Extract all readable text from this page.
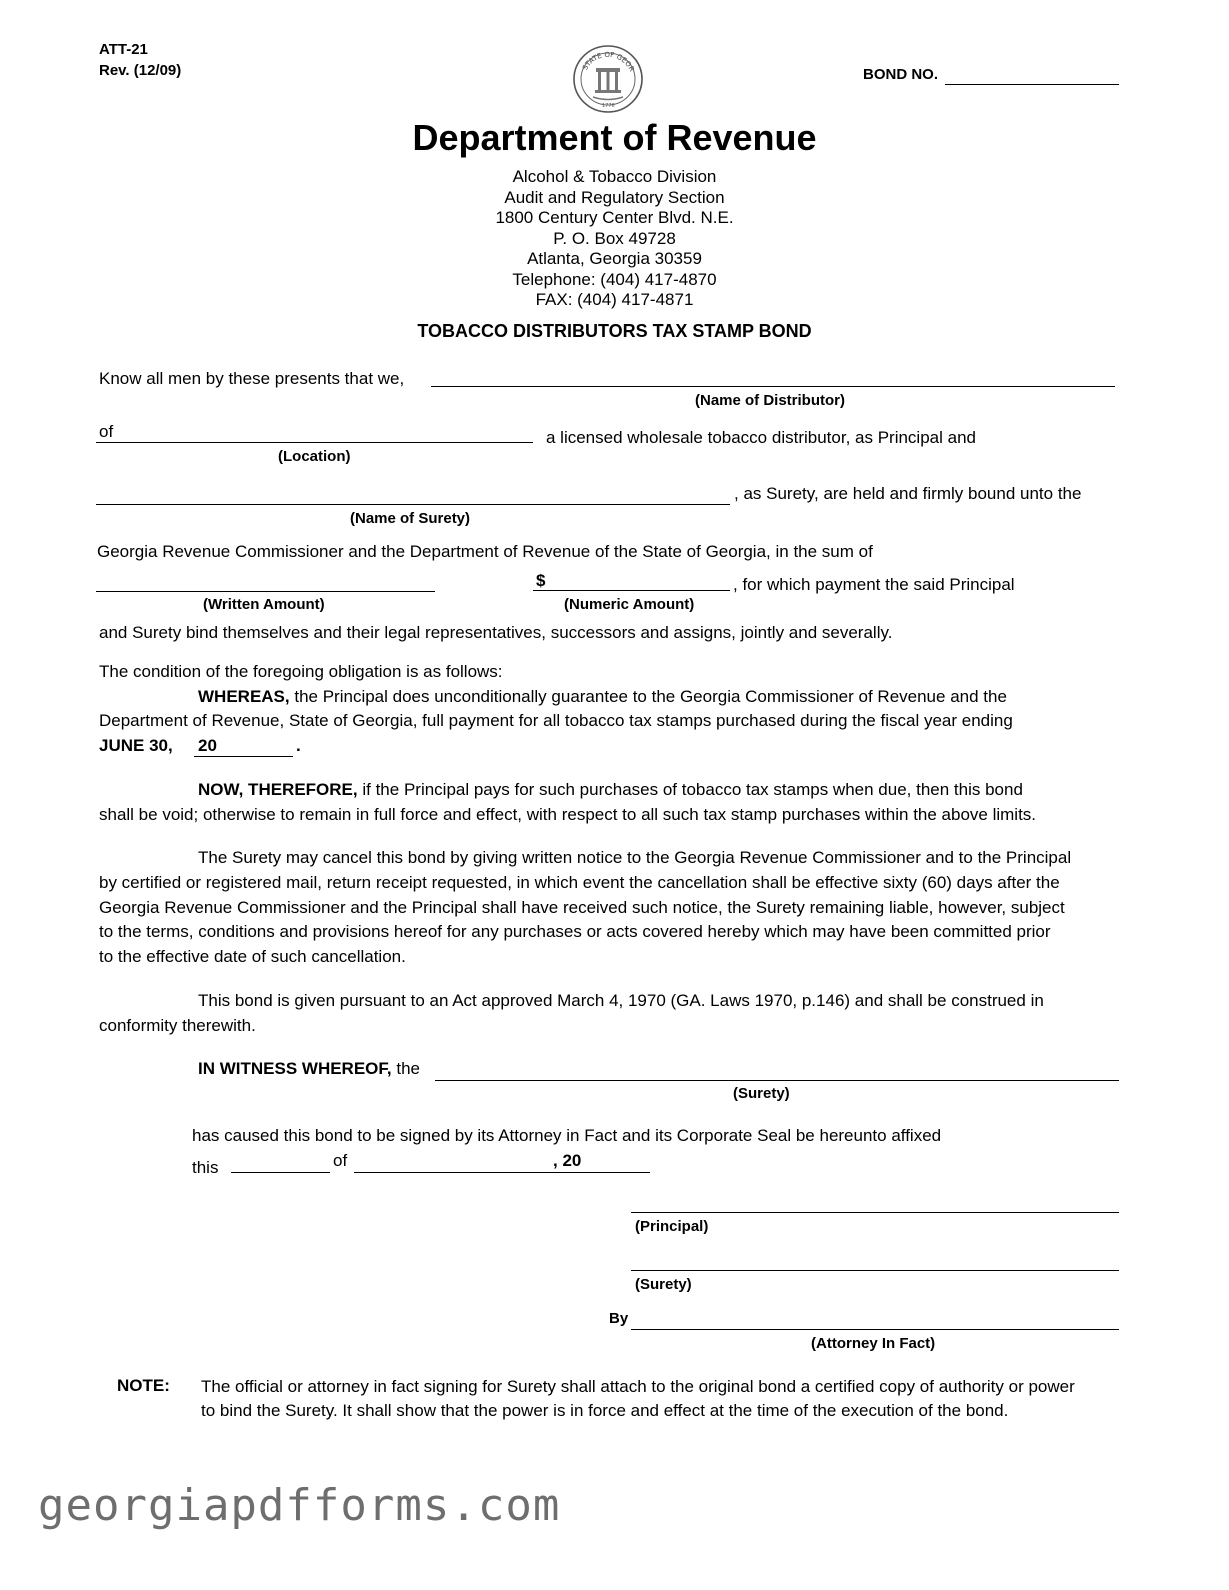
ATT-21
Rev. (12/09)	STATE OF GEOR
1776
BOND NO.
Department of Revenue
Alcohol & Tobacco Division
Audit and Regulatory Section
1800 Century Center Blvd. N.E.
P. O. Box 49728
Atlanta, Georgia 30359
Telephone: (404) 417-4870
FAX: (404) 417-4871
TOBACCO DISTRIBUTORS TAX STAMP BOND
Know all men by these presents that we,
(Name of Distributor)
of	a licensed wholesale tobacco distributor, as Principal and
(Location)
, as Surety, are held and firmly bound unto the
(Name of Surety)
Georgia Revenue Commissioner and the Department of Revenue of the State of Georgia, in the sum of
$	, for which payment the said Principal
(Written Amount)	(Numeric Amount)
and Surety bind themselves and their legal representatives, successors and assigns, jointly and severally.
The condition of the foregoing obligation is as follows:
WHEREAS, the Principal does unconditionally guarantee to the Georgia Commissioner of Revenue and the
Department of Revenue, State of Georgia, full payment for all tobacco tax stamps purchased during the fiscal year ending
JUNE 30, 20	.
NOW, THEREFORE, if the Principal pays for such purchases of tobacco tax stamps when due, then this bond
shall be void; otherwise to remain in full force and effect, with respect to all such tax stamp purchases within the above limits.
The Surety may cancel this bond by giving written notice to the Georgia Revenue Commissioner and to the Principal
by certified or registered mail, return receipt requested, in which event the cancellation shall be effective sixty (60) days after the
Georgia Revenue Commissioner and the Principal shall have received such notice, the Surety remaining liable, however, subject
to the terms, conditions and provisions hereof for any purchases or acts covered hereby which may have been committed prior
to the effective date of such cancellation.
This bond is given pursuant to an Act approved March 4, 1970 (GA. Laws 1970, p.146) and shall be construed in
conformity therewith.
IN WITNESS WHEREOF, the
(Surety)
has caused this bond to be signed by its Attorney in Fact and its Corporate Seal be hereunto affixed
this	of	, 20
(Principal)
(Surety)
By
(Attorney In Fact)
NOTE: The official or attorney in fact signing for Surety shall attach to the original bond a certified copy of authority or power
to bind the Surety. It shall show that the power is in force and effect at the time of the execution of the bond.
georgiapdfforms.com
